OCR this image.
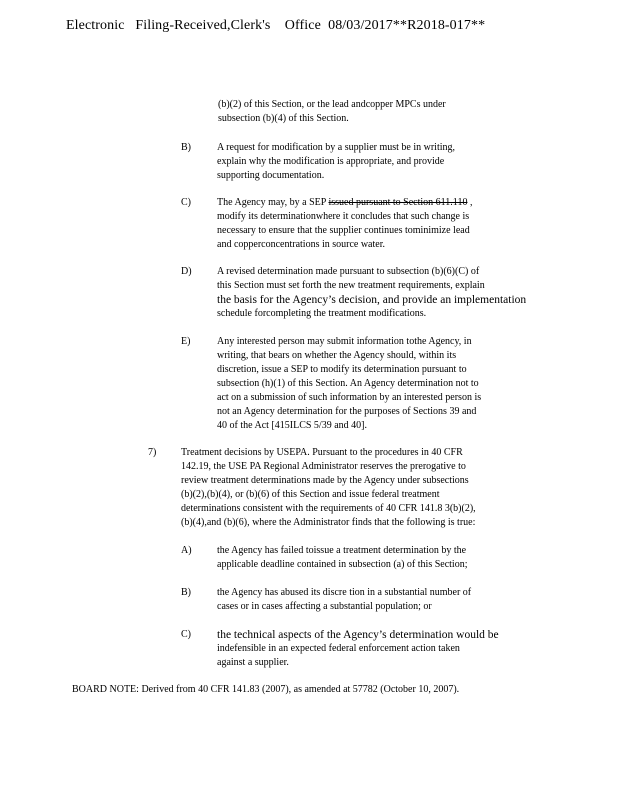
Electronic   Filing-Received,Clerk's    Office  08/03/2017**R2018-017**
(b)(2) of this Section, or the lead andcopper MPCs under
subsection (b)(4) of this Section.
B)	A request for modification by a supplier must be in writing,
explain why the modification is appropriate, and provide
supporting documentation.
C)	The Agency may, by a SEP issued pursuant to Section 611.110 ,
modify its determinationwhere it concludes that such change is
necessary to ensure that the supplier continues tominimize lead
and copperconcentrations in source water.
D)	A revised determination made pursuant to subsection (b)(6)(C) of
this Section must set forth the new treatment requirements, explain
the basis for the Agency’s decision, and provide an implementation
schedule forcompleting the treatment modifications.
E)	Any interested person may submit information tothe Agency, in
writing, that bears on whether the Agency should, within its
discretion, issue a SEP to modify its determination pursuant to
subsection (h)(1) of this Section. An Agency determination not to
act on a submission of such information by an interested person is
not an Agency determination for the purposes of Sections 39 and
40 of the Act [415ILCS 5/39 and 40].
7) Treatment decisions by USEPA. Pursuant to the procedures in 40 CFR
142.19, the USE PA Regional Administrator reserves the prerogative to
review treatment determinations made by the Agency under subsections
(b)(2),(b)(4), or (b)(6) of this Section and issue federal treatment
determinations consistent with the requirements of 40 CFR 141.8 3(b)(2),
(b)(4),and (b)(6), where the Administrator finds that the following is true:
A)	the Agency has failed toissue a treatment determination by the
applicable deadline contained in subsection (a) of this Section;
B)	the Agency has abused its discre tion in a substantial number of
cases or in cases affecting a substantial population; or
C) the technical aspects of the Agency’s determination would be
indefensible in an expected federal enforcement action taken
against a supplier.
BOARD NOTE: Derived from 40 CFR 141.83 (2007), as amended at 57782 (October 10, 2007).
